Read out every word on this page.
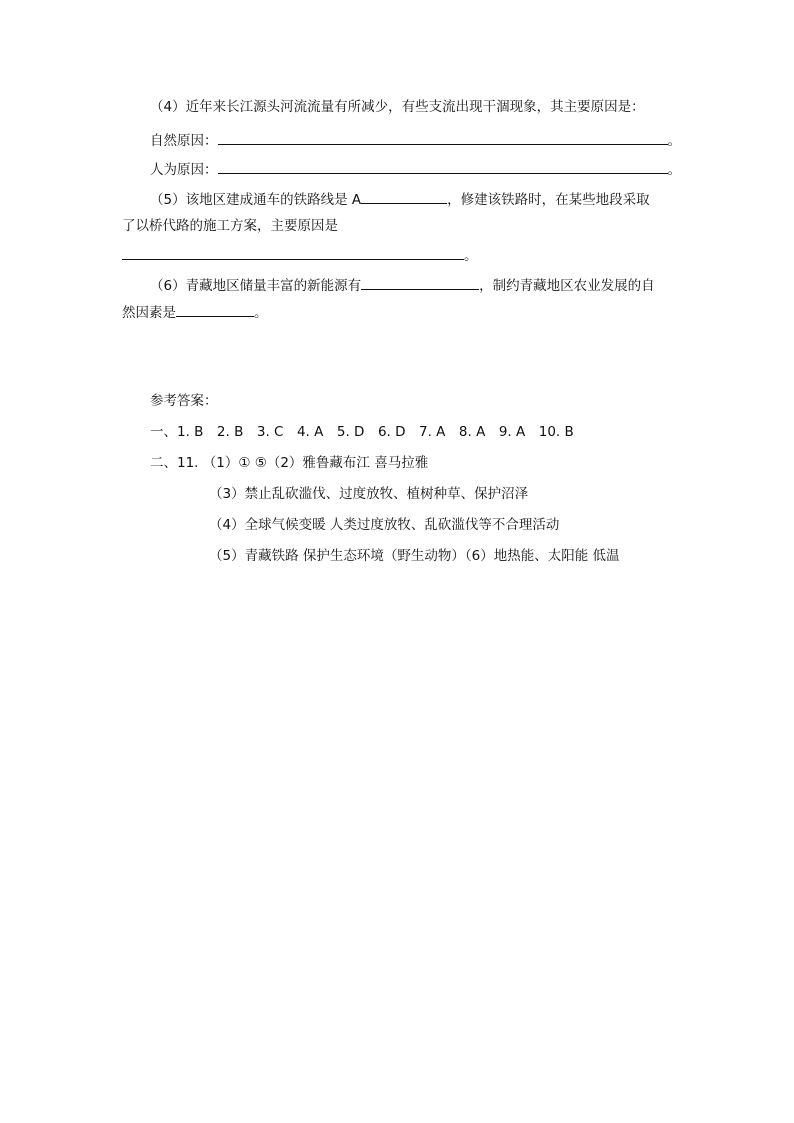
（4）近年来长江源头河流流量有所减少，有些支流出现干涸现象，其主要原因是：
自然原因：	。
人为原因：	。
（5）该地区建成通车的铁路线是 A	，修建该铁路时，在某些地段采取
了以桥代路的施工方案，主要原因是
。
（6）青藏地区储量丰富的新能源有	，制约青藏地区农业发展的自
然因素是	。
参考答案：
一、1. B　2. B　3. C　4. A　5. D　6. D　7. A　8. A　9. A　10. B
二、11. （1）① ⑤（2）雅鲁藏布江 喜马拉雅
（3）禁止乱砍滥伐、过度放牧、植树种草、保护沼泽
（4）全球气候变暖 人类过度放牧、乱砍滥伐等不合理活动
（5）青藏铁路 保护生态环境（野生动物）（6）地热能、太阳能 低温
